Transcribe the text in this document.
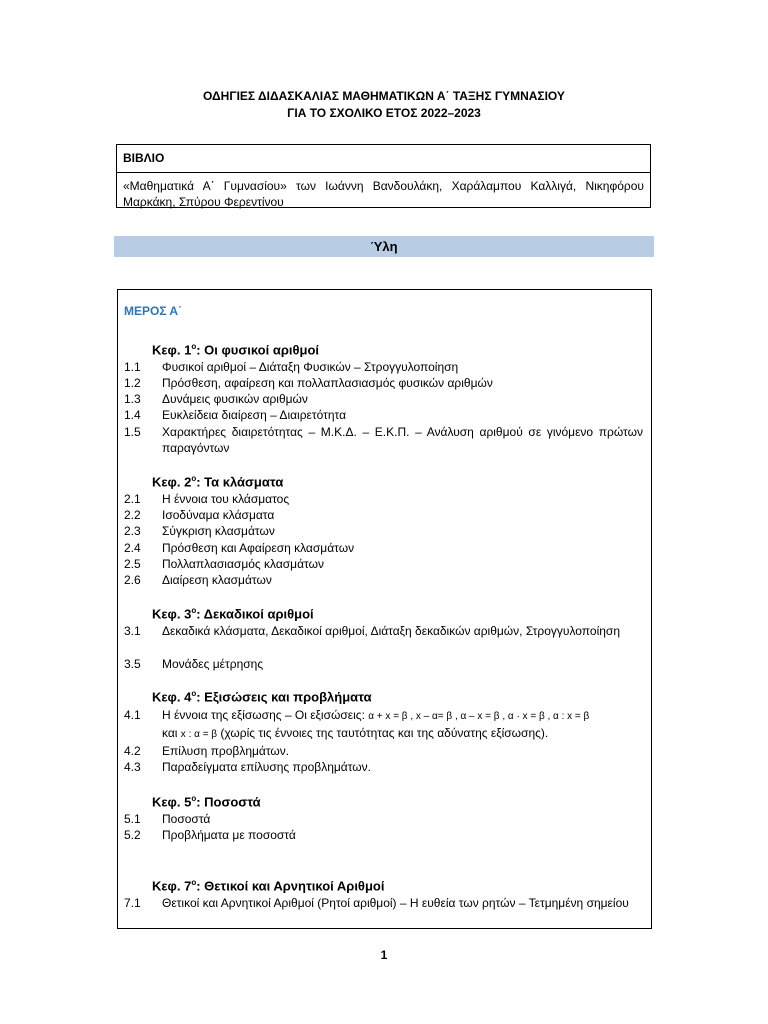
ΟΔΗΓΙΕΣ ΔΙΔΑΣΚΑΛΙΑΣ ΜΑΘΗΜΑΤΙΚΩΝ Α΄ ΤΑΞΗΣ ΓΥΜΝΑΣΙΟΥ
ΓΙΑ ΤΟ ΣΧΟΛΙΚΟ ΕΤΟΣ 2022–2023
ΒΙΒΛΙΟ
«Μαθηματικά Α΄ Γυμνασίου» των Ιωάννη Βανδουλάκη, Χαράλαμπου Καλλιγά, Νικηφόρου Μαρκάκη, Σπύρου Φερεντίνου
Ύλη
ΜΕΡΟΣ Α΄
Κεφ. $1^o$: Οι φυσικοί αριθμοί
1.1 Φυσικοί αριθμοί – Διάταξη Φυσικών – Στρογγυλοποίηση
1.2 Πρόσθεση, αφαίρεση και πολλαπλασιασμός φυσικών αριθμών
1.3 Δυνάμεις φυσικών αριθμών
1.4 Ευκλείδεια διαίρεση – Διαιρετότητα
1.5 Χαρακτήρες διαιρετότητας – Μ.Κ.Δ. – Ε.Κ.Π. – Ανάλυση αριθμού σε γινόμενο πρώτων παραγόντων
Κεφ. $2^o$: Τα κλάσματα
2.1 Η έννοια του κλάσματος
2.2 Ισοδύναμα κλάσματα
2.3 Σύγκριση κλασμάτων
2.4 Πρόσθεση και Αφαίρεση κλασμάτων
2.5 Πολλαπλασιασμός κλασμάτων
2.6 Διαίρεση κλασμάτων
Κεφ. $3^o$: Δεκαδικοί αριθμοί
3.1 Δεκαδικά κλάσματα, Δεκαδικοί αριθμοί, Διάταξη δεκαδικών αριθμών, Στρογγυλοποίηση
3.5 Μονάδες μέτρησης
Κεφ. $4^o$: Εξισώσεις και προβλήματα
4.1 Η έννοια της εξίσωσης – Οι εξισώσεις: α + x = β , x – α= β , α – x = β , α · x = β , α : x = β
και x : α = β (χωρίς τις έννοιες της ταυτότητας και της αδύνατης εξίσωσης).
4.2 Επίλυση προβλημάτων.
4.3 Παραδείγματα επίλυσης προβλημάτων.
Κεφ. $5^o$: Ποσοστά
5.1 Ποσοστά
5.2 Προβλήματα με ποσοστά
Κεφ. $7^o$: Θετικοί και Αρνητικοί Αριθμοί
7.1 Θετικοί και Αρνητικοί Αριθμοί (Ρητοί αριθμοί) – Η ευθεία των ρητών – Τετμημένη σημείου
1
